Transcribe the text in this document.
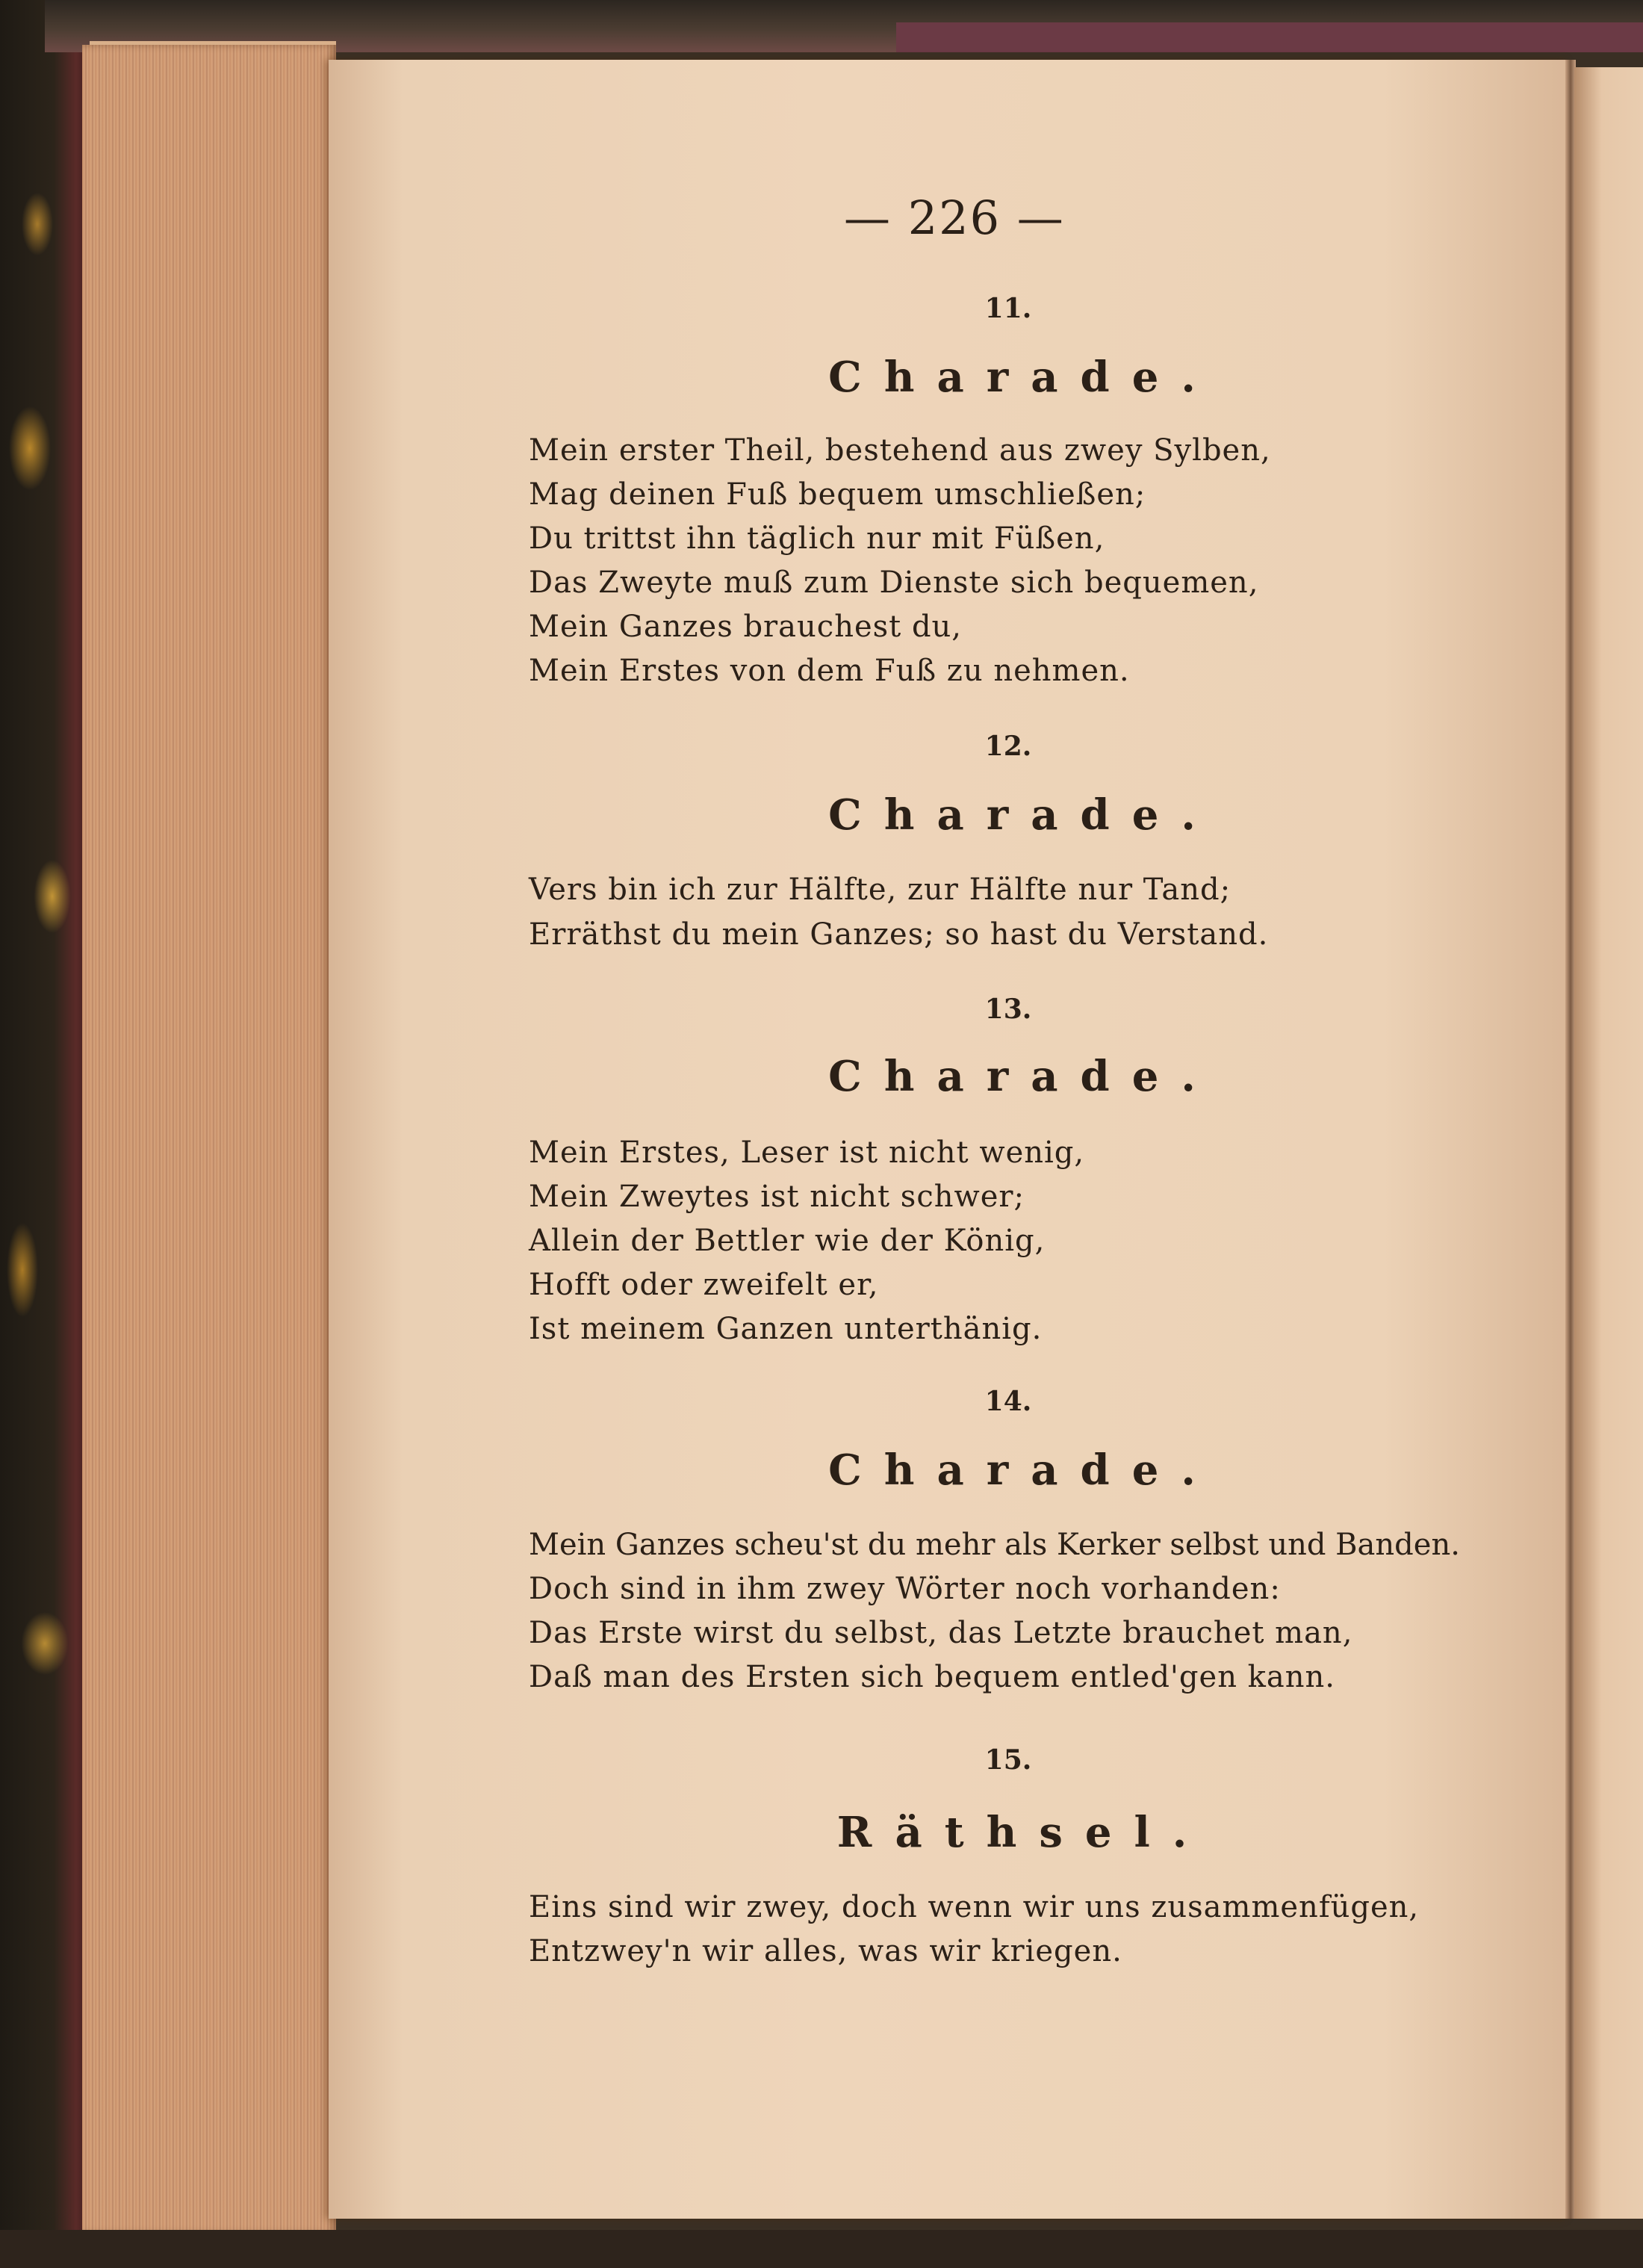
— 226 —
11.
Charade.
Mein erster Theil, bestehend aus zwey Sylben,
Mag deinen Fuß bequem umschließen;
Du trittst ihn täglich nur mit Füßen,
Das Zweyte muß zum Dienste sich bequemen,
Mein Ganzes brauchest du,
Mein Erstes von dem Fuß zu nehmen.
12.
Charade.
Vers bin ich zur Hälfte, zur Hälfte nur Tand;
Erräthst du mein Ganzes; so hast du Verstand.
13.
Charade.
Mein Erstes, Leser ist nicht wenig,
Mein Zweytes ist nicht schwer;
Allein der Bettler wie der König,
Hofft oder zweifelt er,
Ist meinem Ganzen unterthänig.
14.
Charade.
Mein Ganzes scheu'st du mehr als Kerker selbst und Banden.
Doch sind in ihm zwey Wörter noch vorhanden:
Das Erste wirst du selbst, das Letzte brauchet man,
Daß man des Ersten sich bequem entled'gen kann.
15.
Räthsel.
Eins sind wir zwey, doch wenn wir uns zusammenfügen,
Entzwey'n wir alles, was wir kriegen.
